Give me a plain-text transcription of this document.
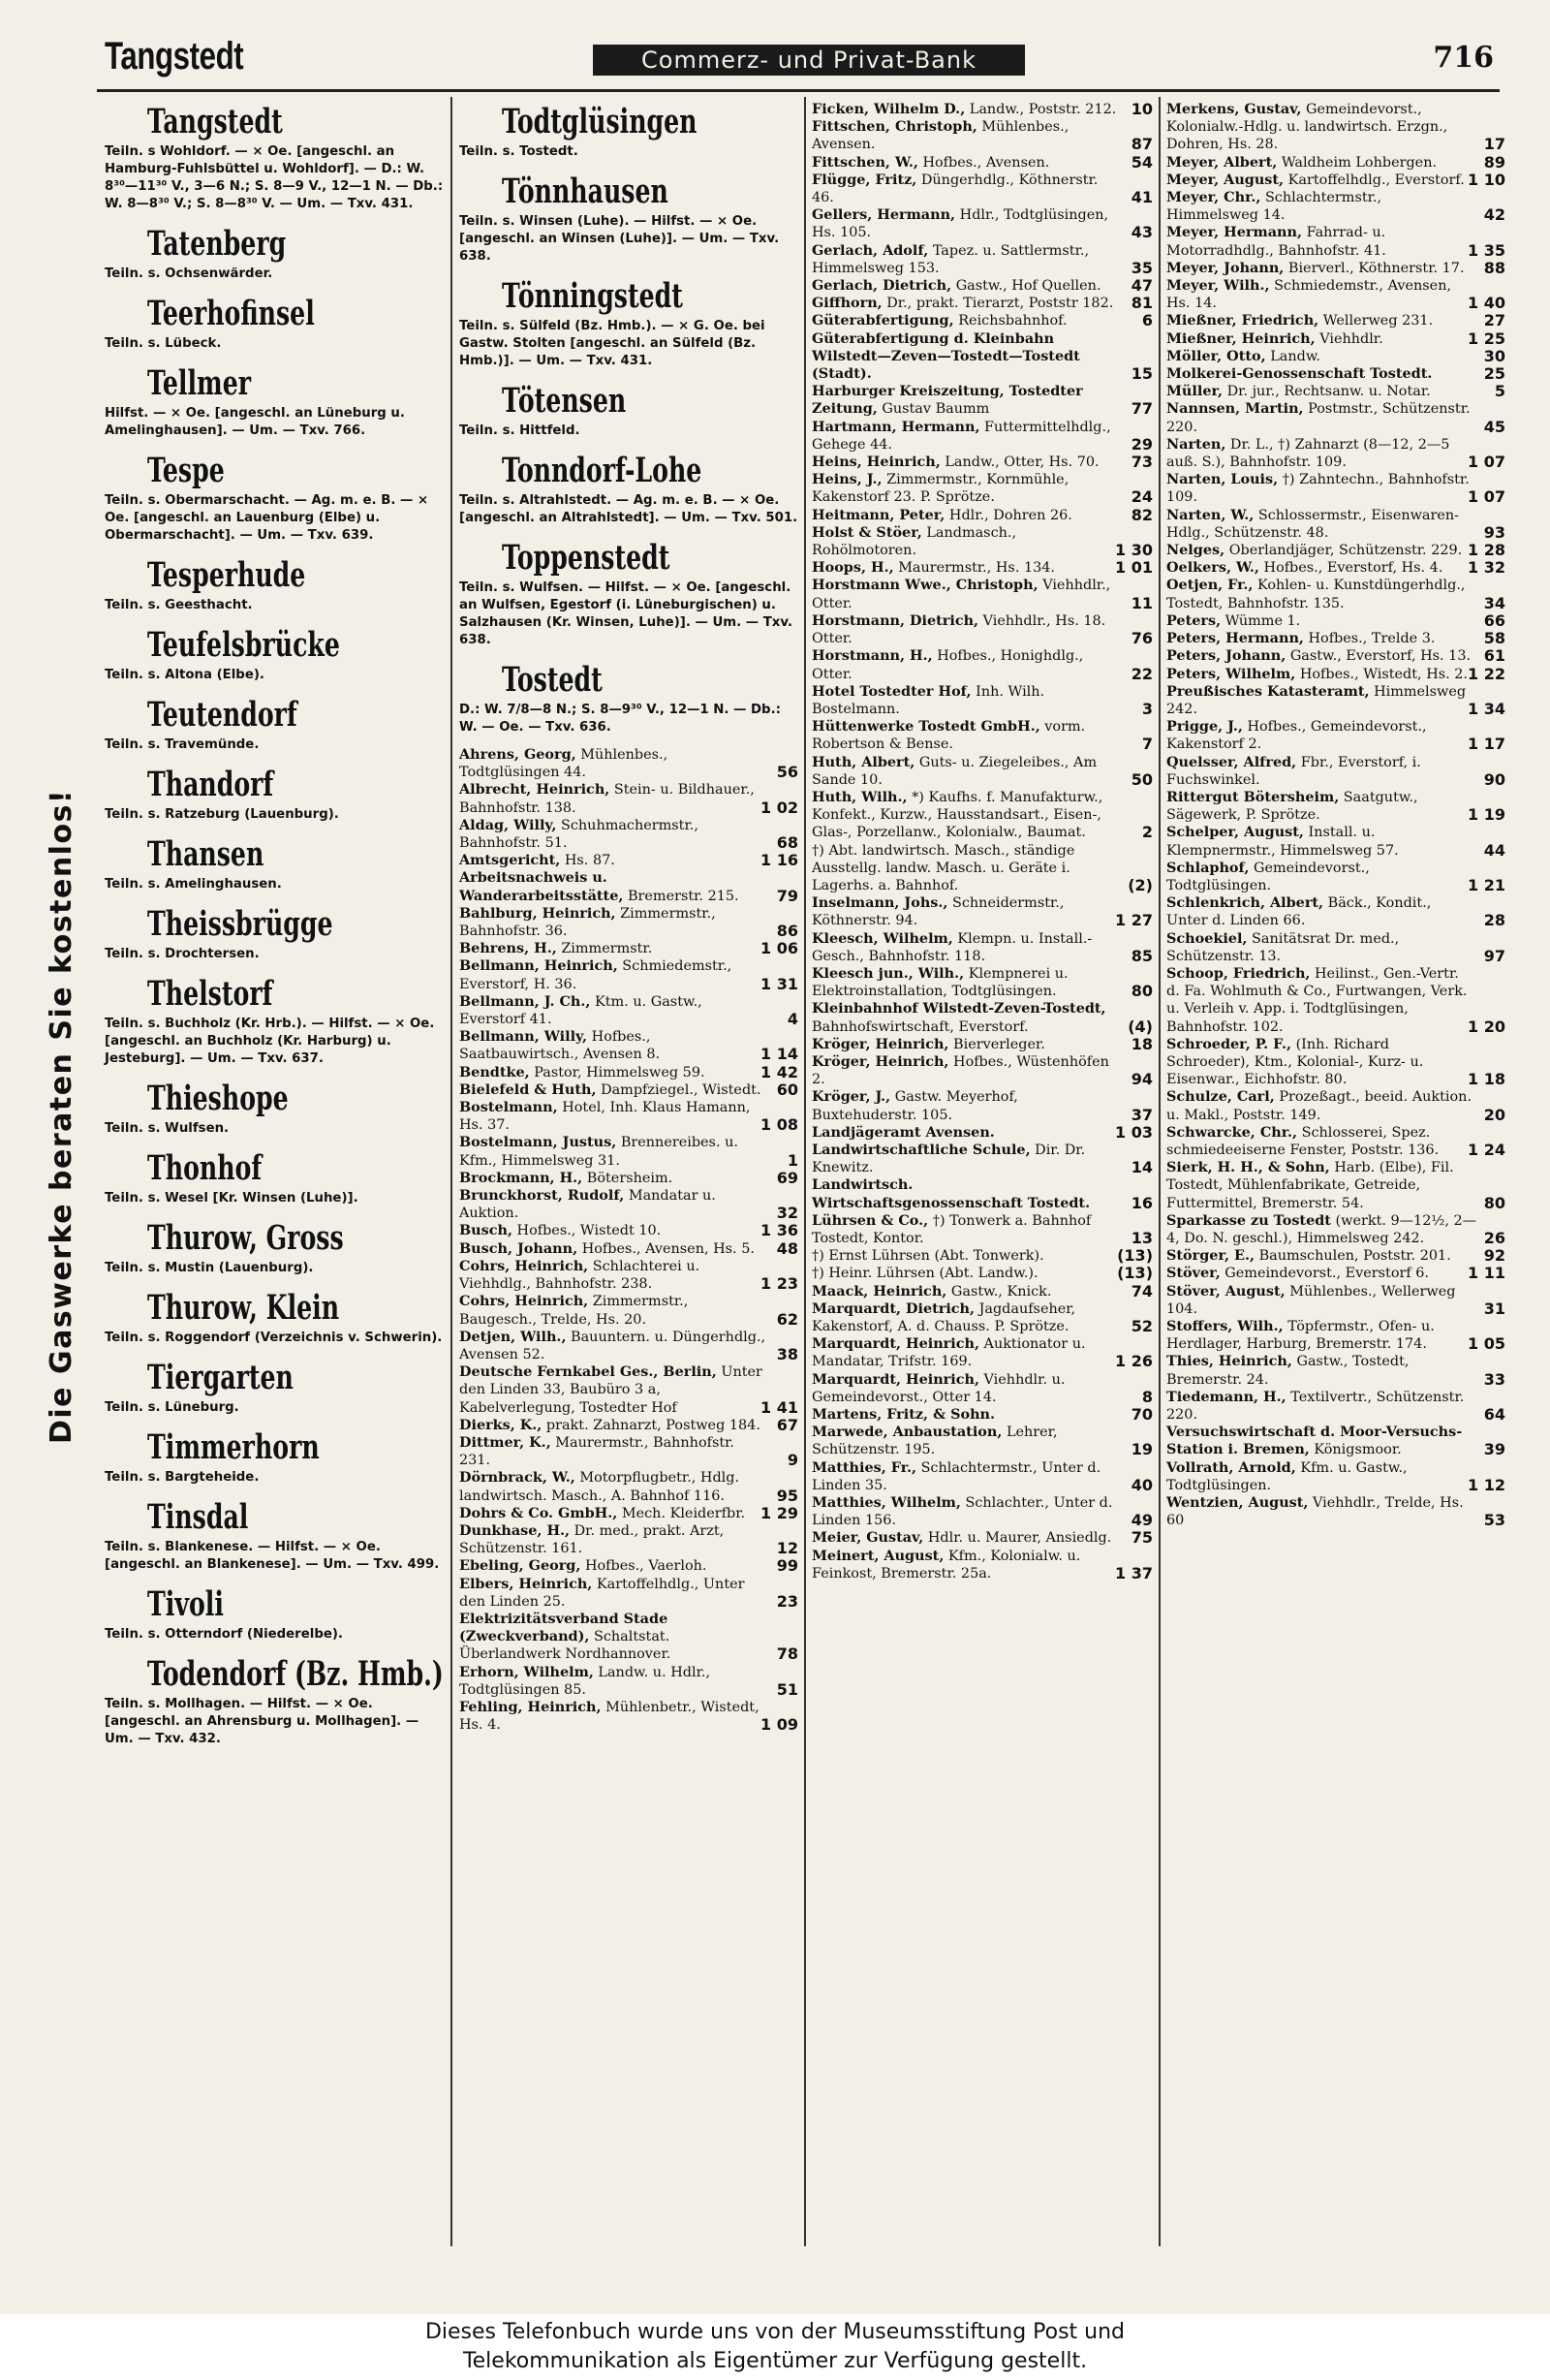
Tangstedt	Commerz- und Privat-Bank	716
Die Gaswerke beraten Sie kostenlos!
Tangstedt
Teiln. s Wohldorf. — × Oe. [angeschl. an Hamburg-Fuhlsbüttel u. Wohldorf]. — D.: W. 8³⁰—11³⁰ V., 3—6 N.; S. 8—9 V., 12—1 N. — Db.: W. 8—8³⁰ V.; S. 8—8³⁰ V. — Um. — Txv. 431.
Tatenberg
Teiln. s. Ochsenwärder.
Teerhofinsel
Teiln. s. Lübeck.
Tellmer
Hilfst. — × Oe. [angeschl. an Lüneburg u. Amelinghausen]. — Um. — Txv. 766.
Tespe
Teiln. s. Obermarschacht. — Ag. m. e. B. — × Oe. [angeschl. an Lauenburg (Elbe) u. Obermarschacht]. — Um. — Txv. 639.
Tesperhude
Teiln. s. Geesthacht.
Teufelsbrücke
Teiln. s. Altona (Elbe).
Teutendorf
Teiln. s. Travemünde.
Thandorf
Teiln. s. Ratzeburg (Lauenburg).
Thansen
Teiln. s. Amelinghausen.
Theissbrügge
Teiln. s. Drochtersen.
Thelstorf
Teiln. s. Buchholz (Kr. Hrb.). — Hilfst. — × Oe. [angeschl. an Buchholz (Kr. Harburg) u. Jesteburg]. — Um. — Txv. 637.
Thieshope
Teiln. s. Wulfsen.
Thonhof
Teiln. s. Wesel [Kr. Winsen (Luhe)].
Thurow, Gross
Teiln. s. Mustin (Lauenburg).
Thurow, Klein
Teiln. s. Roggendorf (Verzeichnis v. Schwerin).
Tiergarten
Teiln. s. Lüneburg.
Timmerhorn
Teiln. s. Bargteheide.
Tinsdal
Teiln. s. Blankenese. — Hilfst. — × Oe. [angeschl. an Blankenese]. — Um. — Txv. 499.
Tivoli
Teiln. s. Otterndorf (Niederelbe).
Todendorf (Bz. Hmb.)
Teiln. s. Mollhagen. — Hilfst. — × Oe. [angeschl. an Ahrensburg u. Mollhagen]. — Um. — Txv. 432.
Todtglüsingen
Teiln. s. Tostedt.
Tönnhausen
Teiln. s. Winsen (Luhe). — Hilfst. — × Oe. [angeschl. an Winsen (Luhe)]. — Um. — Txv. 638.
Tönningstedt
Teiln. s. Sülfeld (Bz. Hmb.). — × G. Oe. bei Gastw. Stolten [angeschl. an Sülfeld (Bz. Hmb.)]. — Um. — Txv. 431.
Tötensen
Teiln. s. Hittfeld.
Tonndorf-Lohe
Teiln. s. Altrahlstedt. — Ag. m. e. B. — × Oe. [angeschl. an Altrahlstedt]. — Um. — Txv. 501.
Toppenstedt
Teiln. s. Wulfsen. — Hilfst. — × Oe. [angeschl. an Wulfsen, Egestorf (i. Lüneburgischen) u. Salzhausen (Kr. Winsen, Luhe)]. — Um. — Txv. 638.
Tostedt
D.: W. 7/8—8 N.; S. 8—9³⁰ V., 12—1 N. — Db.: W. — Oe. — Txv. 636.
Ahrens, Georg, Mühlenbes., Todtglüsingen 44.	56
Albrecht, Heinrich, Stein- u. Bildhauer., Bahnhofstr. 138.	1 02
Aldag, Willy, Schuhmachermstr., Bahnhofstr. 51.	68
Amtsgericht, Hs. 87.	1 16
Arbeitsnachweis u. Wanderarbeitsstätte, Bremerstr. 215. 79
Bahlburg, Heinrich, Zimmermstr., Bahnhofstr. 36.	86
Behrens, H., Zimmermstr.	1 06
Bellmann, Heinrich, Schmiedemstr., Everstorf, H. 36.	1 31
Bellmann, J. Ch., Ktm. u. Gastw., Everstorf 41.	4
Bellmann, Willy, Hofbes., Saatbauwirtsch., Avensen 8.	1 14
Bendtke, Pastor, Himmelsweg 59.	1 42
Bielefeld & Huth, Dampfziegel., Wistedt. 60
Bostelmann, Hotel, Inh. Klaus Hamann, Hs. 37.	1 08
Bostelmann, Justus, Brennereibes. u. Kfm., Himmelsweg 31.	1
Brockmann, H., Bötersheim.	69
Brunckhorst, Rudolf, Mandatar u. Auktion.	32
Busch, Hofbes., Wistedt 10.	1 36
Busch, Johann, Hofbes., Avensen, Hs. 5. 48
Cohrs, Heinrich, Schlachterei u. Viehhdlg., Bahnhofstr. 238.	1 23
Cohrs, Heinrich, Zimmermstr., Baugesch., Trelde, Hs. 20.	62
Detjen, Wilh., Bauuntern. u. Düngerhdlg., Avensen 52.	38
Deutsche Fernkabel Ges., Berlin, Unter den Linden 33, Baubüro 3 a, Kabelverlegung, Tostedter Hof	1 41
Dierks, K., prakt. Zahnarzt, Postweg 184. 67
Dittmer, K., Maurermstr., Bahnhofstr. 231.	9
Dörnbrack, W., Motorpflugbetr., Hdlg. landwirtsch. Masch., A. Bahnhof 116.	95
Dohrs & Co. GmbH., Mech. Kleiderfbr. 1 29
Dunkhase, H., Dr. med., prakt. Arzt, Schützenstr. 161.	12
Ebeling, Georg, Hofbes., Vaerloh.	99
Elbers, Heinrich, Kartoffelhdlg., Unter den Linden 25.	23
Elektrizitätsverband Stade (Zweckverband), Schaltstat. Überlandwerk Nordhannover.	78
Erhorn, Wilhelm, Landw. u. Hdlr., Todtglüsingen 85.	51
Fehling, Heinrich, Mühlenbetr., Wistedt, Hs. 4.	1 09
Ficken, Wilhelm D., Landw., Poststr. 212. 10
Fittschen, Christoph, Mühlenbes., Avensen.	87
Fittschen, W., Hofbes., Avensen.	54
Flügge, Fritz, Düngerhdlg., Köthnerstr. 46.	41
Gellers, Hermann, Hdlr., Todtglüsingen, Hs. 105.	43
Gerlach, Adolf, Tapez. u. Sattlermstr., Himmelsweg 153.	35
Gerlach, Dietrich, Gastw., Hof Quellen. 47
Giffhorn, Dr., prakt. Tierarzt, Poststr 182. 81
Güterabfertigung, Reichsbahnhof.	6
Güterabfertigung d. Kleinbahn Wilstedt—Zeven—Tostedt—Tostedt (Stadt).	15
Harburger Kreiszeitung, Tostedter Zeitung, Gustav Baumm	77
Hartmann, Hermann, Futtermittelhdlg., Gehege 44.	29
Heins, Heinrich, Landw., Otter, Hs. 70. 73
Heins, J., Zimmermstr., Kornmühle, Kakenstorf 23. P. Sprötze.	24
Heitmann, Peter, Hdlr., Dohren 26.	82
Holst & Stöer, Landmasch., Rohölmotoren.	1 30
Hoops, H., Maurermstr., Hs. 134.	1 01
Horstmann Wwe., Christoph, Viehhdlr., Otter.	11
Horstmann, Dietrich, Viehhdlr., Hs. 18. Otter.	76
Horstmann, H., Hofbes., Honighdlg., Otter.	22
Hotel Tostedter Hof, Inh. Wilh. Bostelmann.	3
Hüttenwerke Tostedt GmbH., vorm. Robertson & Bense.	7
Huth, Albert, Guts- u. Ziegeleibes., Am Sande 10.	50
Huth, Wilh., *) Kaufhs. f. Manufakturw., Konfekt., Kurzw., Hausstandsart., Eisen-, Glas-, Porzellanw., Kolonialw., Baumat.	2
†) Abt. landwirtsch. Masch., ständige Ausstellg. landw. Masch. u. Geräte i. Lagerhs. a. Bahnhof.	(2)
Inselmann, Johs., Schneidermstr., Köthnerstr. 94.	1 27
Kleesch, Wilhelm, Klempn. u. Install.-Gesch., Bahnhofstr. 118.	85
Kleesch jun., Wilh., Klempnerei u. Elektroinstallation, Todtglüsingen.	80
Kleinbahnhof Wilstedt-Zeven-Tostedt, Bahnhofswirtschaft, Everstorf.	(4)
Kröger, Heinrich, Bierverleger.	18
Kröger, Heinrich, Hofbes., Wüstenhöfen 2.	94
Kröger, J., Gastw. Meyerhof, Buxtehuderstr. 105.	37
Landjägeramt Avensen.	1 03
Landwirtschaftliche Schule, Dir. Dr. Knewitz.	14
Landwirtsch. Wirtschaftsgenossenschaft Tostedt.	16
Lührsen & Co., †) Tonwerk a. Bahnhof Tostedt, Kontor.	13
†) Ernst Lührsen (Abt. Tonwerk).	(13)
†) Heinr. Lührsen (Abt. Landw.).	(13)
Maack, Heinrich, Gastw., Knick.	74
Marquardt, Dietrich, Jagdaufseher, Kakenstorf, A. d. Chauss. P. Sprötze.	52
Marquardt, Heinrich, Auktionator u. Mandatar, Trifstr. 169.	1 26
Marquardt, Heinrich, Viehhdlr. u. Gemeindevorst., Otter 14.	8
Martens, Fritz, & Sohn.	70
Marwede, Anbaustation, Lehrer, Schützenstr. 195.	19
Matthies, Fr., Schlachtermstr., Unter d. Linden 35.	40
Matthies, Wilhelm, Schlachter., Unter d. Linden 156.	49
Meier, Gustav, Hdlr. u. Maurer, Ansiedlg. 75
Meinert, August, Kfm., Kolonialw. u. Feinkost, Bremerstr. 25a.	1 37
Merkens, Gustav, Gemeindevorst., Kolonialw.-Hdlg. u. landwirtsch. Erzgn., Dohren, Hs. 28.	17
Meyer, Albert, Waldheim Lohbergen.	89
Meyer, August, Kartoffelhdlg., Everstorf. 1 10
Meyer, Chr., Schlachtermstr., Himmelsweg 14.	42
Meyer, Hermann, Fahrrad- u. Motorradhdlg., Bahnhofstr. 41.	1 35
Meyer, Johann, Bierverl., Köthnerstr. 17. 88
Meyer, Wilh., Schmiedemstr., Avensen, Hs. 14.	1 40
Mießner, Friedrich, Wellerweg 231.	27
Mießner, Heinrich, Viehhdlr.	1 25
Möller, Otto, Landw.	30
Molkerei-Genossenschaft Tostedt.	25
Müller, Dr. jur., Rechtsanw. u. Notar.	5
Nannsen, Martin, Postmstr., Schützenstr. 220.	45
Narten, Dr. L., †) Zahnarzt (8—12, 2—5 auß. S.), Bahnhofstr. 109.	1 07
Narten, Louis, †) Zahntechn., Bahnhofstr. 109.	1 07
Narten, W., Schlossermstr., Eisenwaren-Hdlg., Schützenstr. 48.	93
Nelges, Oberlandjäger, Schützenstr. 229. 1 28
Oelkers, W., Hofbes., Everstorf, Hs. 4. 1 32
Oetjen, Fr., Kohlen- u. Kunstdüngerhdlg., Tostedt, Bahnhofstr. 135.	34
Peters, Wümme 1.	66
Peters, Hermann, Hofbes., Trelde 3.	58
Peters, Johann, Gastw., Everstorf, Hs. 13. 61
Peters, Wilhelm, Hofbes., Wistedt, Hs. 2. 1 22
Preußisches Katasteramt, Himmelsweg 242.	1 34
Prigge, J., Hofbes., Gemeindevorst., Kakenstorf 2.	1 17
Quelsser, Alfred, Fbr., Everstorf, i. Fuchswinkel.	90
Rittergut Bötersheim, Saatgutw., Sägewerk, P. Sprötze.	1 19
Schelper, August, Install. u. Klempnermstr., Himmelsweg 57.	44
Schlaphof, Gemeindevorst., Todtglüsingen.	1 21
Schlenkrich, Albert, Bäck., Kondit., Unter d. Linden 66.	28
Schoekiel, Sanitätsrat Dr. med., Schützenstr. 13.	97
Schoop, Friedrich, Heilinst., Gen.-Vertr. d. Fa. Wohlmuth & Co., Furtwangen, Verk. u. Verleih v. App. i. Todtglüsingen, Bahnhofstr. 102.	1 20
Schroeder, P. F., (Inh. Richard Schroeder), Ktm., Kolonial-, Kurz- u. Eisenwar., Eichhofstr. 80.	1 18
Schulze, Carl, Prozeßagt., beeid. Auktion. u. Makl., Poststr. 149.	20
Schwarcke, Chr., Schlosserei, Spez. schmiedeeiserne Fenster, Poststr. 136. 1 24
Sierk, H. H., & Sohn, Harb. (Elbe), Fil. Tostedt, Mühlenfabrikate, Getreide, Futtermittel, Bremerstr. 54.	80
Sparkasse zu Tostedt (werkt. 9—12½, 2—4, Do. N. geschl.), Himmelsweg 242.	26
Störger, E., Baumschulen, Poststr. 201. 92
Stöver, Gemeindevorst., Everstorf 6.	1 11
Stöver, August, Mühlenbes., Wellerweg 104.	31
Stoffers, Wilh., Töpfermstr., Ofen- u. Herdlager, Harburg, Bremerstr. 174.	1 05
Thies, Heinrich, Gastw., Tostedt, Bremerstr. 24.	33
Tiedemann, H., Textilvertr., Schützenstr. 220.	64
Versuchswirtschaft d. Moor-Versuchs-Station i. Bremen, Königsmoor.	39
Vollrath, Arnold, Kfm. u. Gastw., Todtglüsingen.	1 12
Wentzien, August, Viehhdlr., Trelde, Hs. 60	53
Dieses Telefonbuch wurde uns von der Museumsstiftung Post und
Telekommunikation als Eigentümer zur Verfügung gestellt.
